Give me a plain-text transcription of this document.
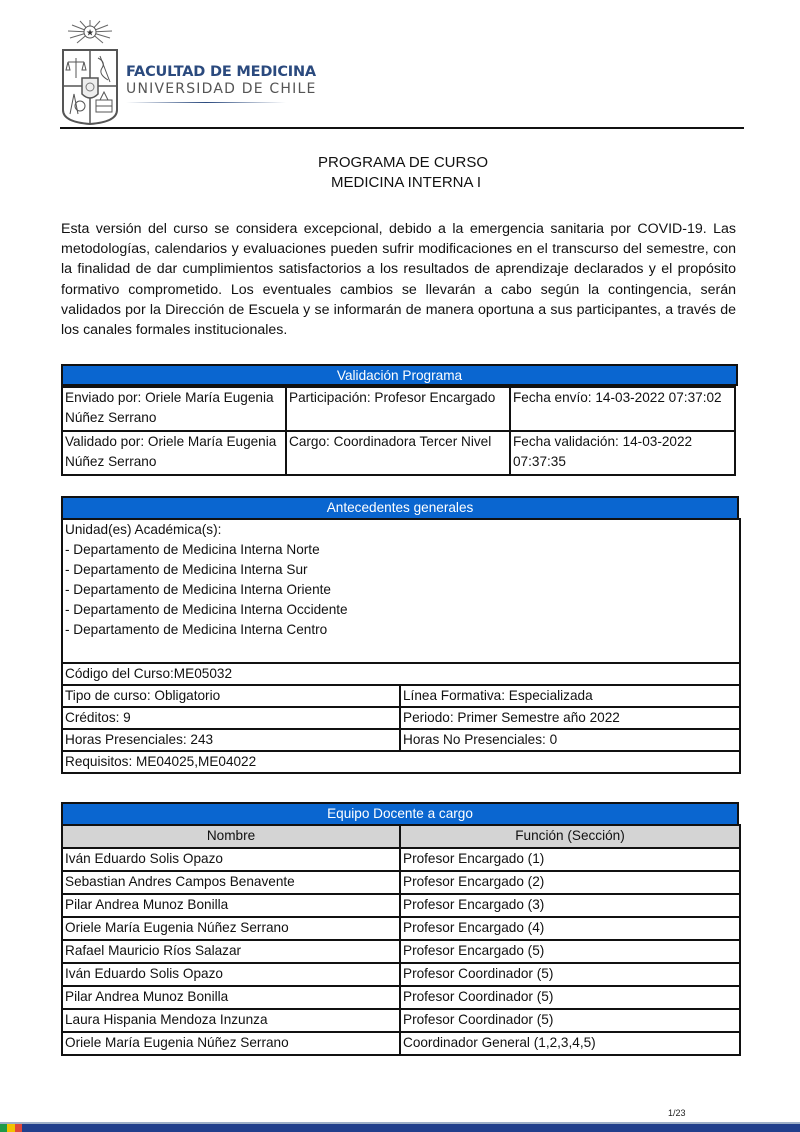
★
FACULTAD DE MEDICINA
UNIVERSIDAD DE CHILE
PROGRAMA DE CURSO
MEDICINA INTERNA I
Esta versión del curso se considera excepcional, debido a la emergencia sanitaria por COVID-19. Las metodologías, calendarios y evaluaciones pueden sufrir modificaciones en el transcurso del semestre, con la finalidad de dar cumplimientos satisfactorios a los resultados de aprendizaje declarados y el propósito formativo comprometido. Los eventuales cambios se llevarán a cabo según la contingencia, serán validados por la Dirección de Escuela y se informarán de manera oportuna a sus participantes, a través de los canales formales institucionales.
Validación Programa
Enviado por: Oriele María Eugenia Núñez Serrano	Participación: Profesor Encargado	Fecha envío: 14-03-2022 07:37:02
Validado por: Oriele María Eugenia Núñez Serrano	Cargo: Coordinadora Tercer Nivel	Fecha validación: 14-03-2022 07:37:35
Antecedentes generales
Unidad(es) Académica(s):
- Departamento de Medicina Interna Norte
- Departamento de Medicina Interna Sur
- Departamento de Medicina Interna Oriente
- Departamento de Medicina Interna Occidente
- Departamento de Medicina Interna Centro

Código del Curso:ME05032	
Tipo de curso: Obligatorio	Línea Formativa: Especializada
Créditos: 9	Periodo: Primer Semestre año 2022
Horas Presenciales: 243	Horas No Presenciales: 0
Requisitos: ME04025,ME04022	
Equipo Docente a cargo
Nombre	Función (Sección)
Iván Eduardo Solis Opazo	Profesor Encargado (1)
Sebastian Andres Campos Benavente	Profesor Encargado (2)
Pilar Andrea Munoz Bonilla	Profesor Encargado (3)
Oriele María Eugenia Núñez Serrano	Profesor Encargado (4)
Rafael Mauricio Ríos Salazar	Profesor Encargado (5)
Iván Eduardo Solis Opazo	Profesor Coordinador (5)
Pilar Andrea Munoz Bonilla	Profesor Coordinador (5)
Laura Hispania Mendoza Inzunza	Profesor Coordinador (5)
Oriele María Eugenia Núñez Serrano	Coordinador General (1,2,3,4,5)
1/23
